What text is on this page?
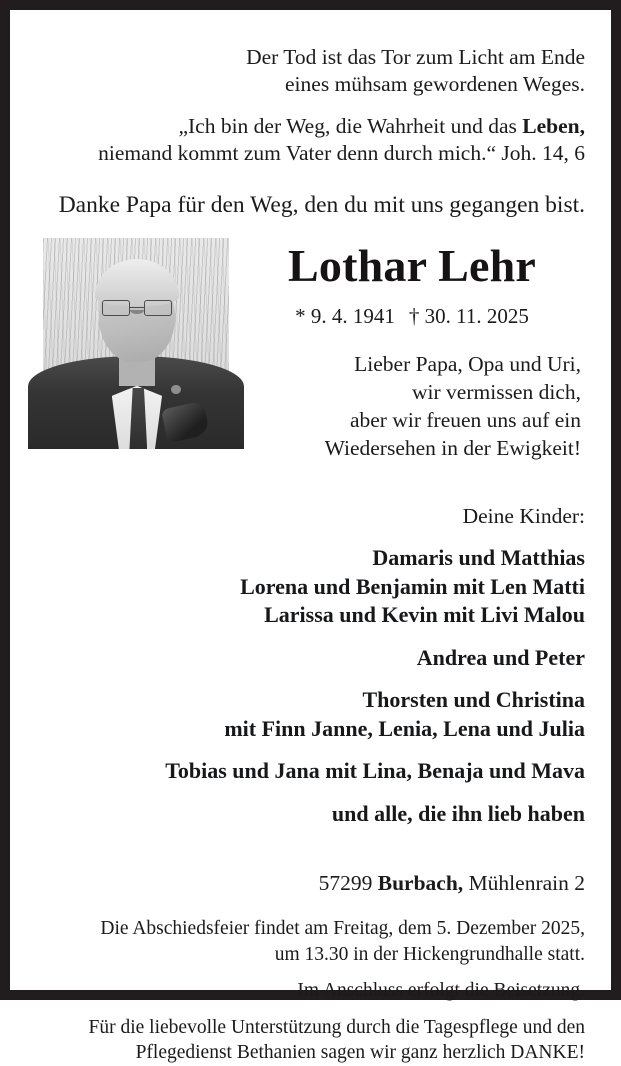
Der Tod ist das Tor zum Licht am Ende
eines mühsam gewordenen Weges.
„Ich bin der Weg, die Wahrheit und das Leben,
niemand kommt zum Vater denn durch mich.“ Joh. 14, 6
Danke Papa für den Weg, den du mit uns gegangen bist.
Lothar Lehr
* 9. 4. 1941 † 30. 11. 2025
Lieber Papa, Opa und Uri,
wir vermissen dich,
aber wir freuen uns auf ein
Wiedersehen in der Ewigkeit!
Deine Kinder:
Damaris und Matthias
Lorena und Benjamin mit Len Matti
Larissa und Kevin mit Livi Malou
Andrea und Peter
Thorsten und Christina
mit Finn Janne, Lenia, Lena und Julia
Tobias und Jana mit Lina, Benaja und Mava
und alle, die ihn lieb haben
57299 Burbach, Mühlenrain 2
Die Abschiedsfeier findet am Freitag, dem 5. Dezember 2025,
um 13.30 in der Hickengrundhalle statt.
Im Anschluss erfolgt die Beisetzung.
Für die liebevolle Unterstützung durch die Tagespflege und den
Pflegedienst Bethanien sagen wir ganz herzlich DANKE!
